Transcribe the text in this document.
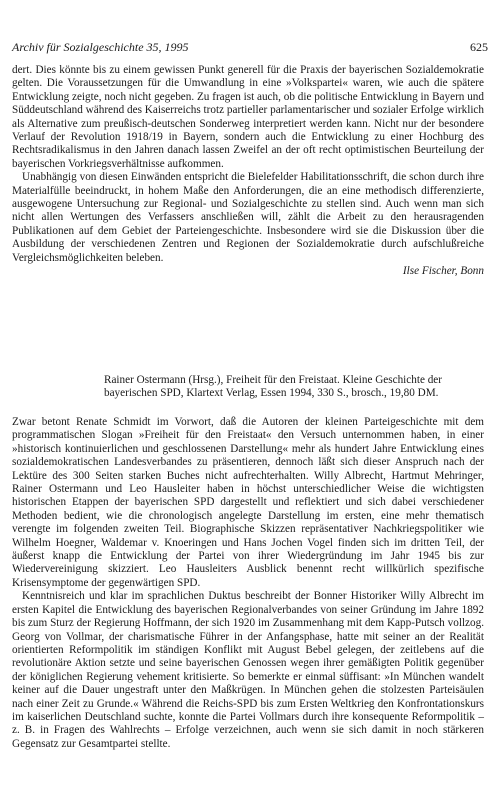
Archiv für Sozialgeschichte 35, 1995	625

dert. Dies könnte bis zu einem gewissen Punkt generell für die Praxis der bayerischen Sozialdemokratie gelten. Die Voraussetzungen für die Umwandlung in eine »Volkspartei« waren, wie auch die spätere Entwicklung zeigte, noch nicht gegeben. Zu fragen ist auch, ob die politische Entwicklung in Bayern und Süddeutschland während des Kaiserreichs trotz partieller parlamentarischer und sozialer Erfolge wirklich als Alternative zum preußisch-deutschen Sonderweg interpretiert werden kann. Nicht nur der besondere Verlauf der Revolution 1918/19 in Bayern, sondern auch die Entwicklung zu einer Hochburg des Rechtsradikalismus in den Jahren danach lassen Zweifel an der oft recht optimistischen Beurteilung der bayerischen Vorkriegsverhältnisse aufkommen.

Unabhängig von diesen Einwänden entspricht die Bielefelder Habilitationsschrift, die schon durch ihre Materialfülle beeindruckt, in hohem Maße den Anforderungen, die an eine methodisch differenzierte, ausgewogene Untersuchung zur Regional- und Sozialgeschichte zu stellen sind. Auch wenn man sich nicht allen Wertungen des Verfassers anschließen will, zählt die Arbeit zu den herausragenden Publikationen auf dem Gebiet der Parteiengeschichte. Insbesondere wird sie die Diskussion über die Ausbildung der verschiedenen Zentren und Regionen der Sozialdemokratie durch aufschlußreiche Vergleichsmöglichkeiten beleben.

Ilse Fischer, Bonn
Rainer Ostermann (Hrsg.), Freiheit für den Freistaat. Kleine Geschichte der bayerischen SPD, Klartext Verlag, Essen 1994, 330 S., brosch., 19,80 DM.

Zwar betont Renate Schmidt im Vorwort, daß die Autoren der kleinen Parteigeschichte mit dem programmatischen Slogan »Freiheit für den Freistaat« den Versuch unternommen haben, in einer »historisch kontinuierlichen und geschlossenen Darstellung« mehr als hundert Jahre Entwicklung eines sozialdemokratischen Landesverbandes zu präsentieren, dennoch läßt sich dieser Anspruch nach der Lektüre des 300 Seiten starken Buches nicht aufrechterhalten. Willy Albrecht, Hartmut Mehringer, Rainer Ostermann und Leo Hausleiter haben in höchst unterschiedlicher Weise die wichtigsten historischen Etappen der bayerischen SPD dargestellt und reflektiert und sich dabei verschiedener Methoden bedient, wie die chronologisch angelegte Darstellung im ersten, eine mehr thematisch verengte im folgenden zweiten Teil. Biographische Skizzen repräsentativer Nachkriegspolitiker wie Wilhelm Hoegner, Waldemar v. Knoeringen und Hans Jochen Vogel finden sich im dritten Teil, der äußerst knapp die Entwicklung der Partei von ihrer Wiedergründung im Jahr 1945 bis zur Wiedervereinigung skizziert. Leo Hausleiters Ausblick benennt recht willkürlich spezifische Krisensymptome der gegenwärtigen SPD.

Kenntnisreich und klar im sprachlichen Duktus beschreibt der Bonner Historiker Willy Albrecht im ersten Kapitel die Entwicklung des bayerischen Regionalverbandes von seiner Gründung im Jahre 1892 bis zum Sturz der Regierung Hoffmann, der sich 1920 im Zusammenhang mit dem Kapp-Putsch vollzog. Georg von Vollmar, der charismatische Führer in der Anfangsphase, hatte mit seiner an der Realität orientierten Reformpolitik im ständigen Konflikt mit August Bebel gelegen, der zeitlebens auf die revolutionäre Aktion setzte und seine bayerischen Genossen wegen ihrer gemäßigten Politik gegenüber der königlichen Regierung vehement kritisierte. So bemerkte er einmal süffisant: »In München wandelt keiner auf die Dauer ungestraft unter den Maßkrügen. In München gehen die stolzesten Parteisäulen nach einer Zeit zu Grunde.« Während die Reichs-SPD bis zum Ersten Weltkrieg den Konfrontationskurs im kaiserlichen Deutschland suchte, konnte die Partei Vollmars durch ihre konsequente Reformpolitik – z. B. in Fragen des Wahlrechts – Erfolge verzeichnen, auch wenn sie sich damit in noch stärkeren Gegensatz zur Gesamtpartei stellte.
